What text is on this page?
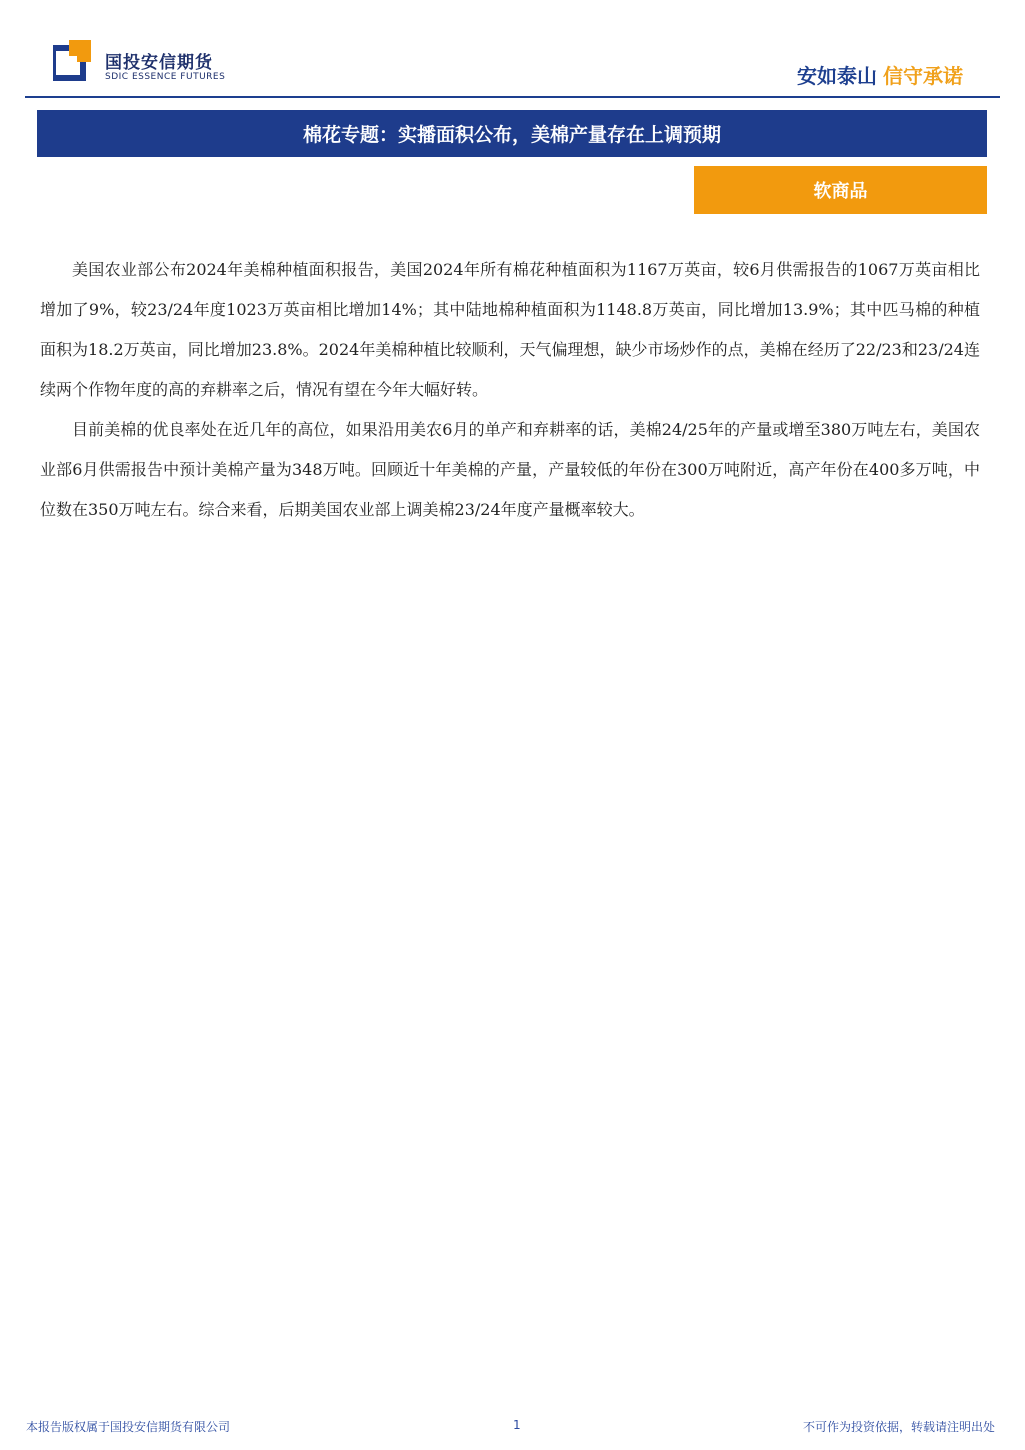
国投安信期货
SDIC ESSENCE FUTURES	安如泰山 信守承诺
棉花专题：实播面积公布，美棉产量存在上调预期
软商品

美国农业部公布2024年美棉种植面积报告，美国2024年所有棉花种植面积为1167万英亩，较6月供需报告的1067万英亩相比增加了9%，较23/24年度1023万英亩相比增加14%；其中陆地棉种植面积为1148.8万英亩，同比增加13.9%；其中匹马棉的种植面积为18.2万英亩，同比增加23.8%。2024年美棉种植比较顺利，天气偏理想，缺少市场炒作的点，美棉在经历了22/23和23/24连续两个作物年度的高的弃耕率之后，情况有望在今年大幅好转。

目前美棉的优良率处在近几年的高位，如果沿用美农6月的单产和弃耕率的话，美棉24/25年的产量或增至380万吨左右，美国农业部6月供需报告中预计美棉产量为348万吨。回顾近十年美棉的产量，产量较低的年份在300万吨附近，高产年份在400多万吨，中位数在350万吨左右。综合来看，后期美国农业部上调美棉23/24年度产量概率较大。

本报告版权属于国投安信期货有限公司	1	不可作为投资依据，转载请注明出处
